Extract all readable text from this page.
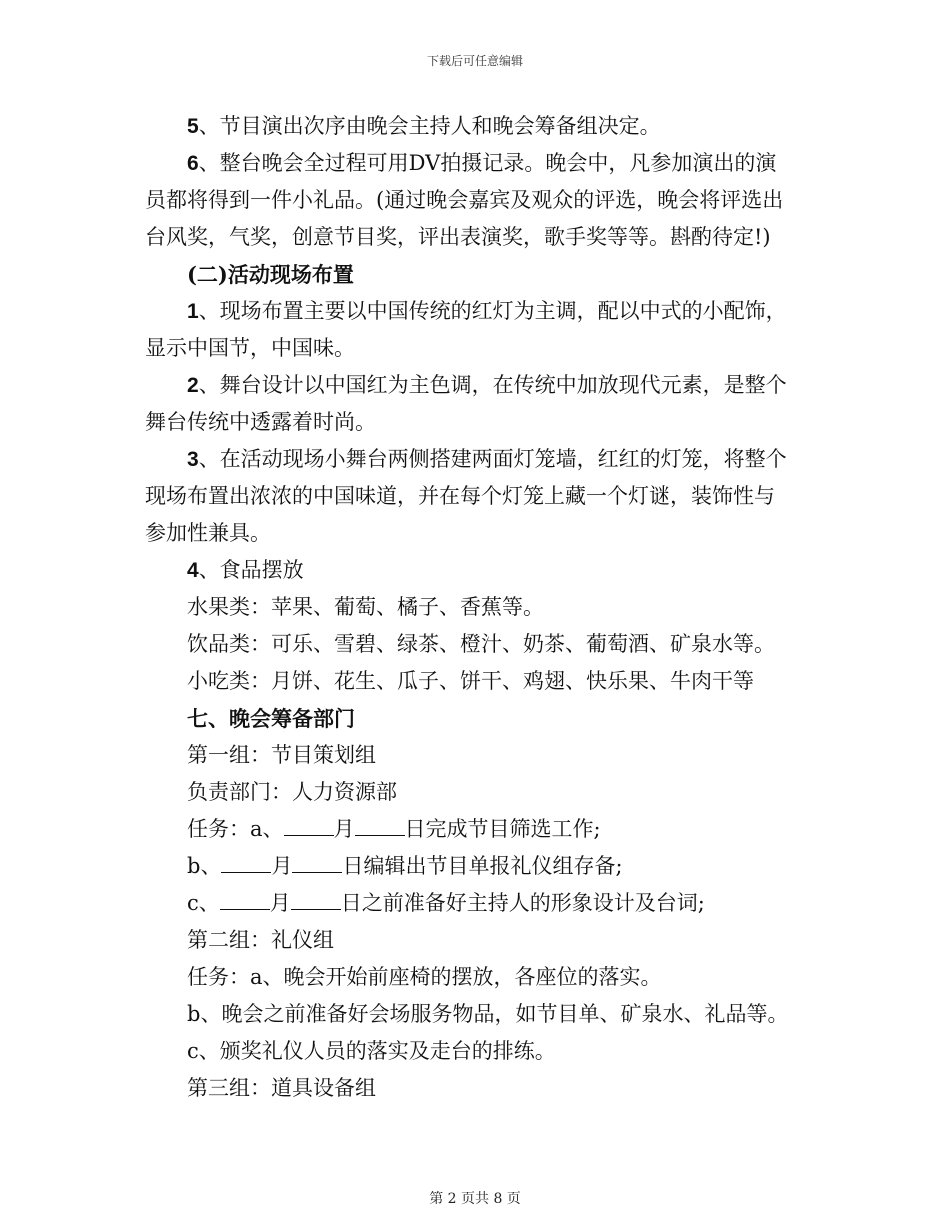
下载后可任意编辑
5、节目演出次序由晚会主持人和晚会筹备组决定。
6、整台晚会全过程可用DV拍摄记录。晚会中，凡参加演出的演
员都将得到一件小礼品。(通过晚会嘉宾及观众的评选，晚会将评选出
台风奖，气奖，创意节目奖，评出表演奖，歌手奖等等。斟酌待定!)
(二)活动现场布置
1、现场布置主要以中国传统的红灯为主调，配以中式的小配饰，
显示中国节，中国味。
2、舞台设计以中国红为主色调，在传统中加放现代元素，是整个
舞台传统中透露着时尚。
3、在活动现场小舞台两侧搭建两面灯笼墙，红红的灯笼，将整个
现场布置出浓浓的中国味道，并在每个灯笼上藏一个灯谜，装饰性与
参加性兼具。
4、食品摆放
水果类：苹果、葡萄、橘子、香蕉等。
饮品类：可乐、雪碧、绿茶、橙汁、奶茶、葡萄酒、矿泉水等。
小吃类：月饼、花生、瓜子、饼干、鸡翅、快乐果、牛肉干等
七、晚会筹备部门
第一组：节目策划组
负责部门：人力资源部
任务：a、 月 日完成节目筛选工作;
b、 月 日编辑出节目单报礼仪组存备;
c、 月 日之前准备好主持人的形象设计及台词;
第二组：礼仪组
任务：a、晚会开始前座椅的摆放，各座位的落实。
b、晚会之前准备好会场服务物品，如节目单、矿泉水、礼品等。
c、颁奖礼仪人员的落实及走台的排练。
第三组：道具设备组
第 2 页共 8 页
